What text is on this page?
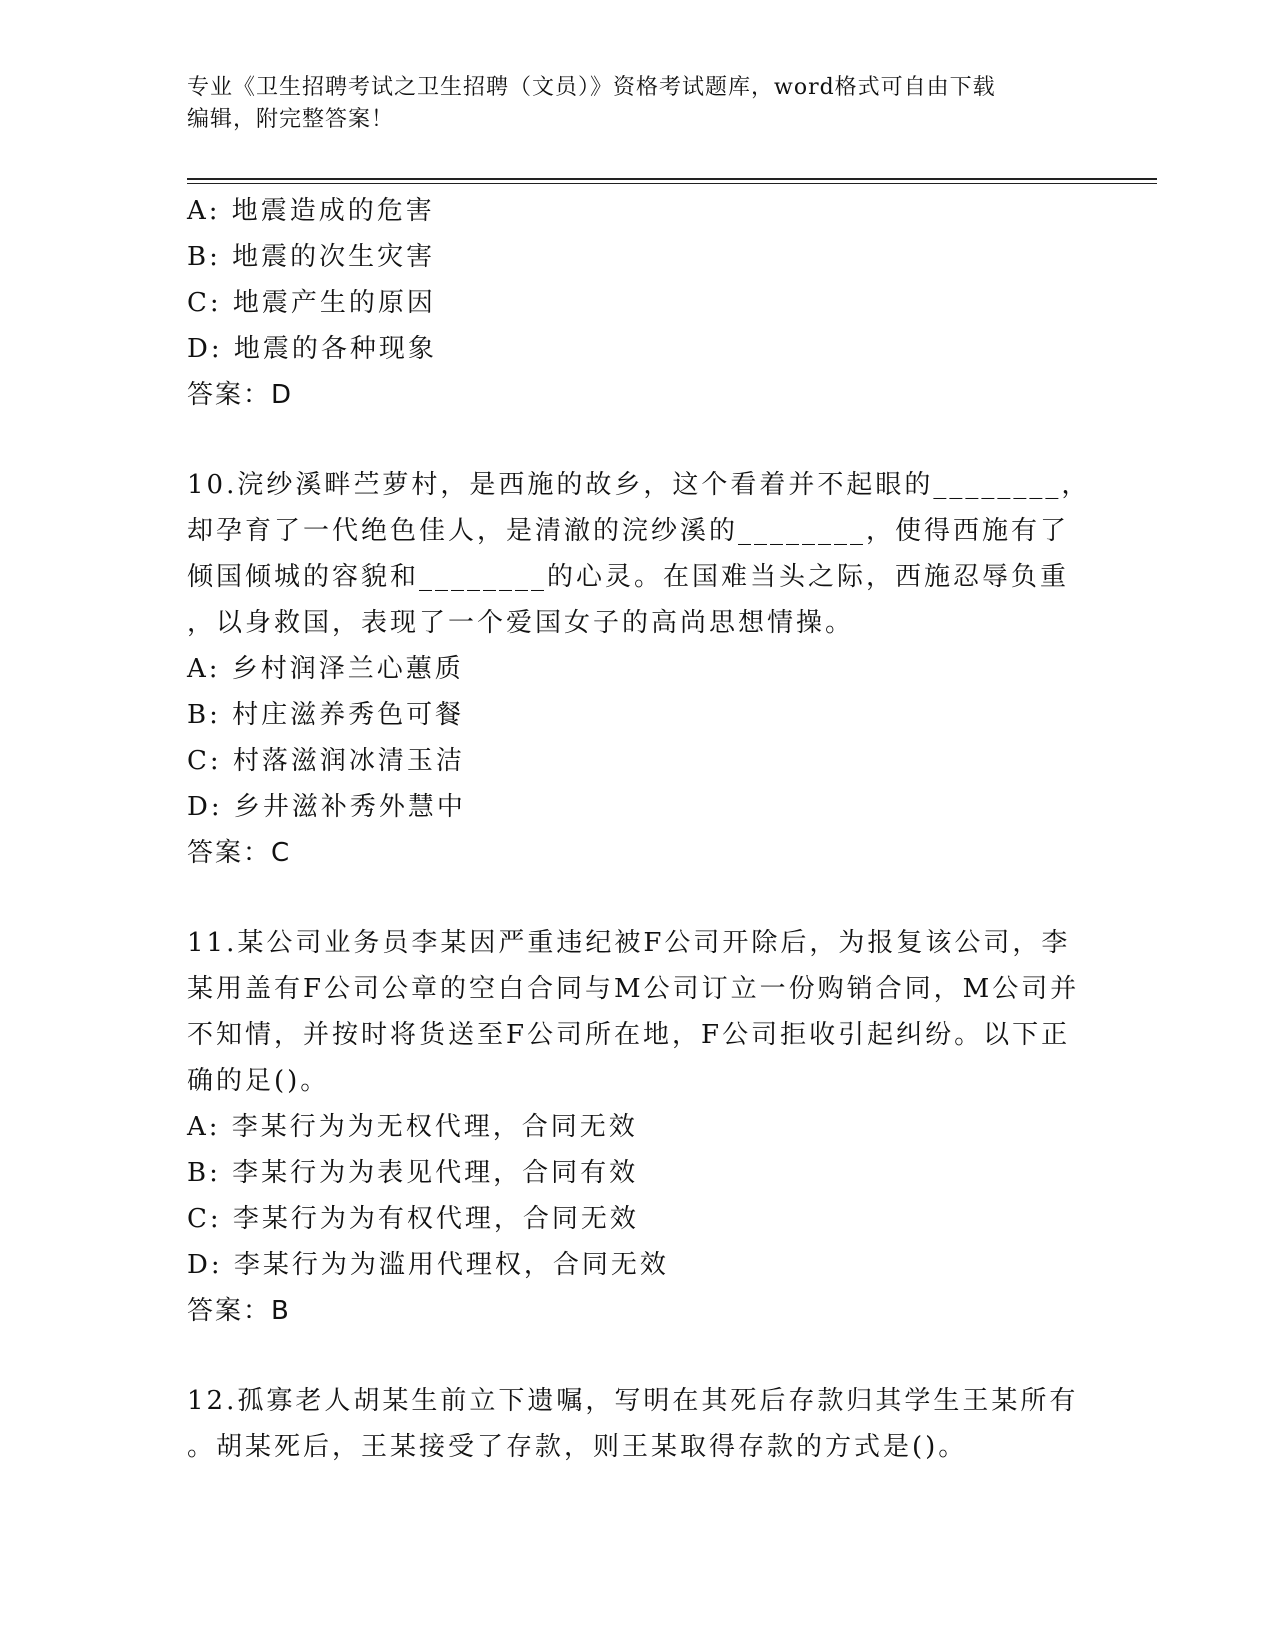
专业《卫生招聘考试之卫生招聘（文员）》资格考试题库，word格式可自由下载
编辑，附完整答案！
A: 地震造成的危害
B: 地震的次生灾害
C: 地震产生的原因
D: 地震的各种现象
答案：D
10.浣纱溪畔苎萝村，是西施的故乡，这个看着并不起眼的________，
却孕育了一代绝色佳人，是清澈的浣纱溪的________，使得西施有了
倾国倾城的容貌和________的心灵。在国难当头之际，西施忍辱负重
，以身救国，表现了一个爱国女子的高尚思想情操。
A: 乡村润泽兰心蕙质
B: 村庄滋养秀色可餐
C: 村落滋润冰清玉洁
D: 乡井滋补秀外慧中
答案：C
11.某公司业务员李某因严重违纪被F公司开除后，为报复该公司，李
某用盖有F公司公章的空白合同与M公司订立一份购销合同，M公司并
不知情，并按时将货送至F公司所在地，F公司拒收引起纠纷。以下正
确的足()。
A: 李某行为为无权代理，合同无效
B: 李某行为为表见代理，合同有效
C: 李某行为为有权代理，合同无效
D: 李某行为为滥用代理权，合同无效
答案：B
12.孤寡老人胡某生前立下遗嘱，写明在其死后存款归其学生王某所有
。胡某死后，王某接受了存款，则王某取得存款的方式是()。
